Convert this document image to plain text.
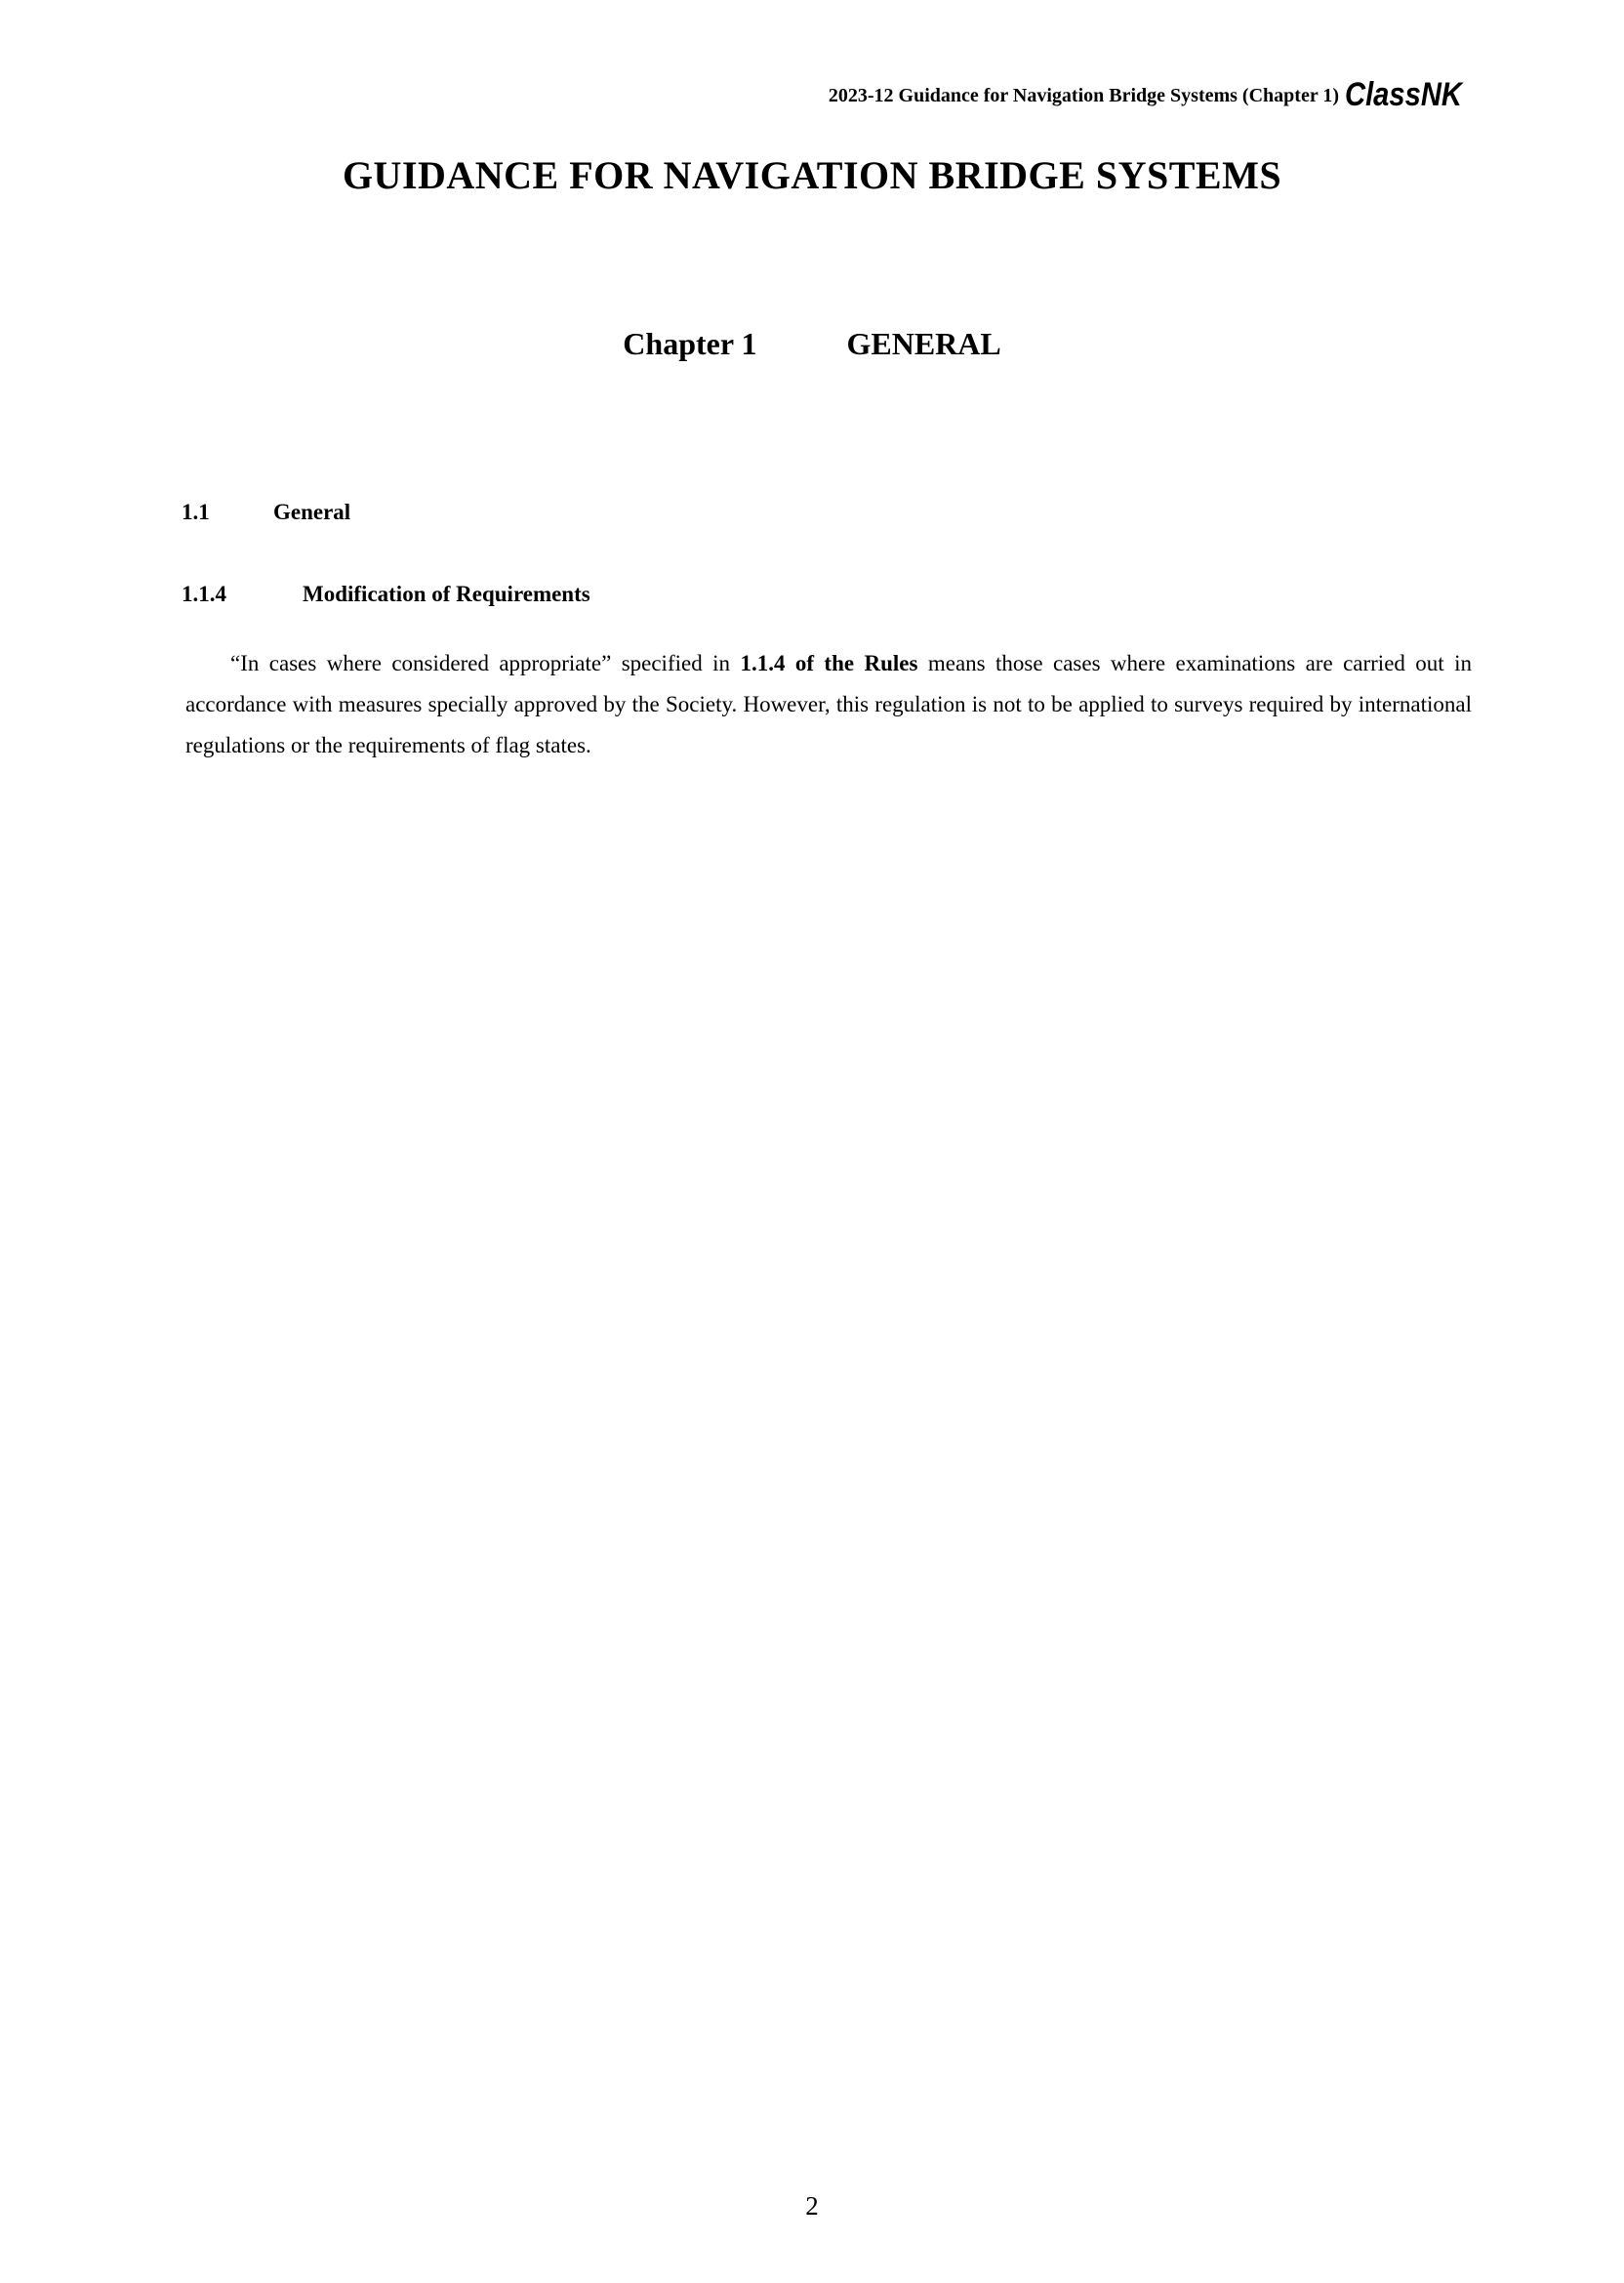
2023-12 Guidance for Navigation Bridge Systems (Chapter 1) ClassNK
GUIDANCE FOR NAVIGATION BRIDGE SYSTEMS
Chapter 1	GENERAL
1.1	General
1.1.4	Modification of Requirements

“In cases where considered appropriate” specified in 1.1.4 of the Rules means those cases where examinations are carried out in accordance with measures specially approved by the Society. However, this regulation is not to be applied to surveys required by international regulations or the requirements of flag states.

2
